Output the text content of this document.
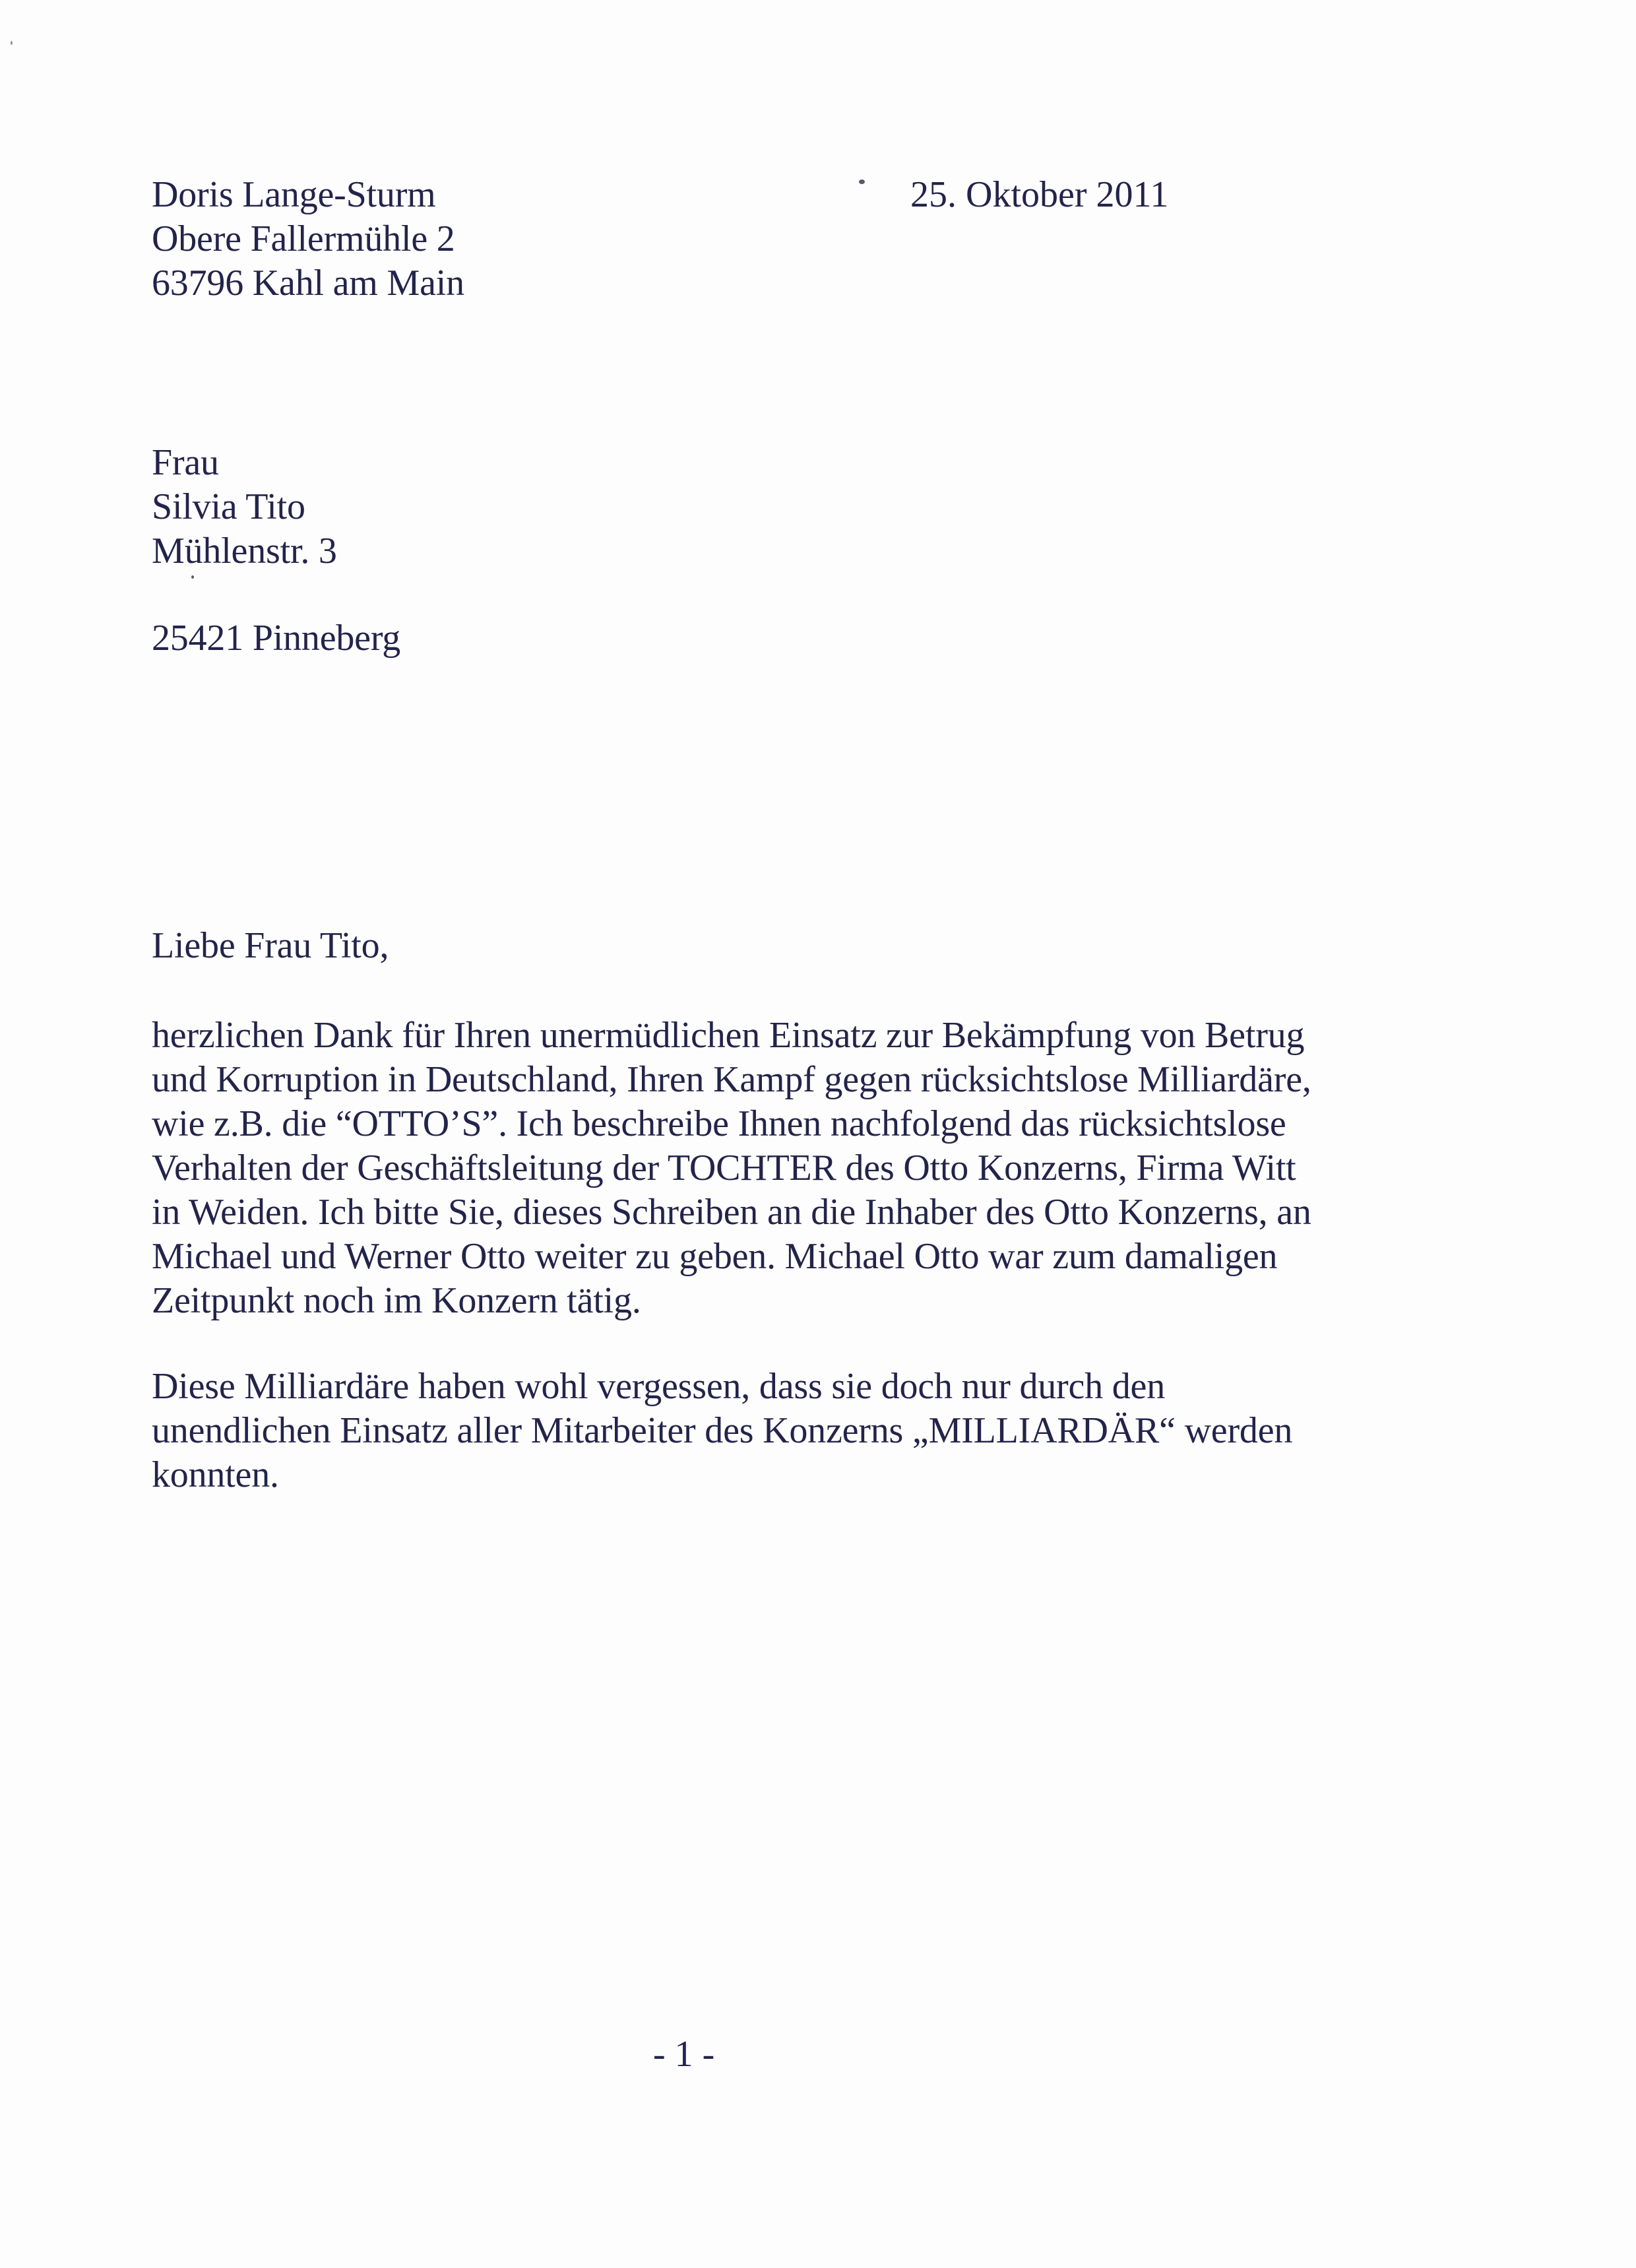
Doris Lange-Sturm
Obere Fallermühle 2
63796 Kahl am Main
25. Oktober 2011
Frau
Silvia Tito
Mühlenstr. 3
25421 Pinneberg
Liebe Frau Tito,
herzlichen Dank für Ihren unermüdlichen Einsatz zur Bekämpfung von Betrug
und Korruption in Deutschland, Ihren Kampf gegen rücksichtslose Milliardäre,
wie z.B. die “OTTO’S”. Ich beschreibe Ihnen nachfolgend das rücksichtslose
Verhalten der Geschäftsleitung der TOCHTER des Otto Konzerns, Firma Witt
in Weiden. Ich bitte Sie, dieses Schreiben an die Inhaber des Otto Konzerns, an
Michael und Werner Otto weiter zu geben. Michael Otto war zum damaligen
Zeitpunkt noch im Konzern tätig.
Diese Milliardäre haben wohl vergessen, dass sie doch nur durch den
unendlichen Einsatz aller Mitarbeiter des Konzerns „MILLIARDÄR“ werden
konnten.
- 1 -
